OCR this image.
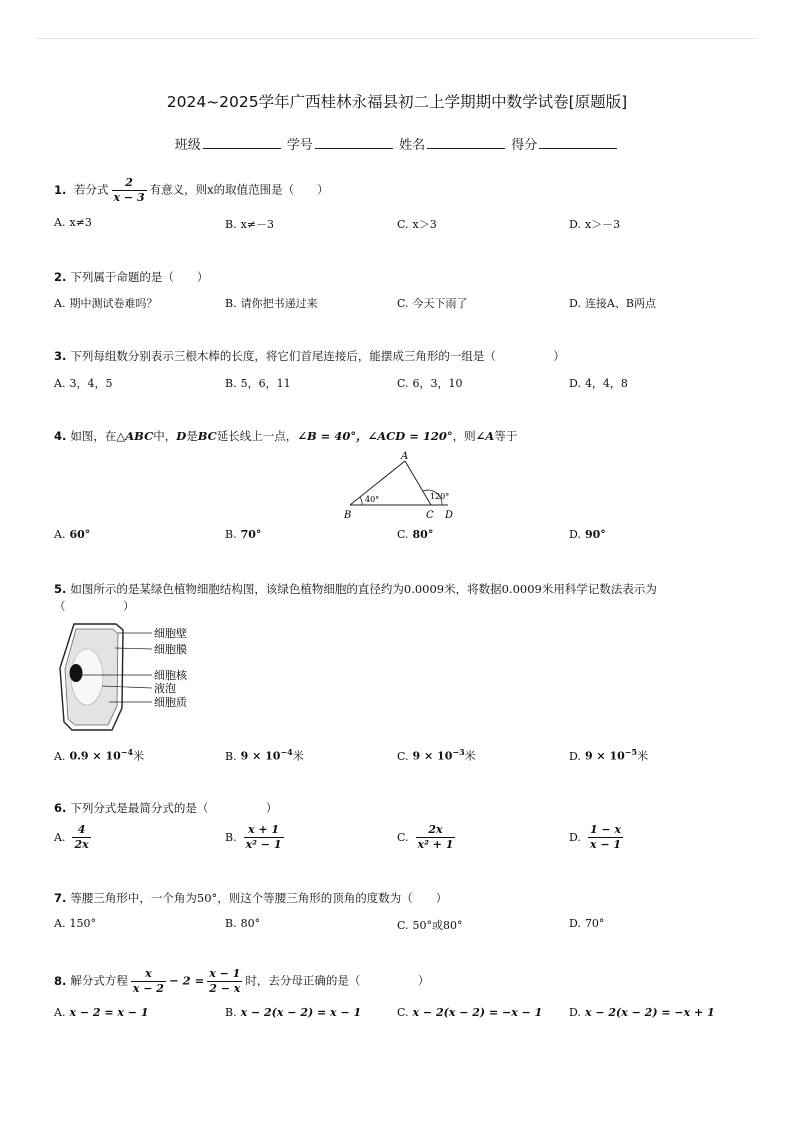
2024~2025学年广西桂林永福县初二上学期期中数学试卷[原题版]
班级	学号	姓名	得分
1. 若分式 $\frac{2}{x - 3}$ 有意义，则x的取值范围是（　　）
A. x≠3	B. x≠－3	C. x＞3	D. x＞－3
2. 下列属于命题的是（　　）
A. 期中测试卷难吗？	B. 请你把书递过来	C. 今天下雨了	D. 连接A、B两点
3. 下列每组数分别表示三根木棒的长度，将它们首尾连接后，能摆成三角形的一组是（　　　　　）
A. 3，4，5	B. 5，6，11	C. 6，3，10	D. 4，4，8
4. 如图，在△ABC中，D是BC延长线上一点，∠B = 40°，∠ACD = 120°，则∠A等于
A
B	C D
40°	120°
A. 60°	B. 70°	C. 80°	D. 90°
5. 如图所示的是某绿色植物细胞结构图，该绿色植物细胞的直径约为0.0009米，将数据0.0009米用科学记数法表示为
（　　　　　）
细胞壁
细胞膜
细胞核
液泡
细胞质
A. $0.9 \times 10^{-4}$米	B. $9 \times 10^{-4}$米	C. $9 \times 10^{-3}$米	D. $9 \times 10^{-5}$米
6. 下列分式是最简分式的是（　　　　　）
A. $\frac{4}{2x}$	B. $\frac{x + 1}{\text{x² − 1}}$	C. $\frac{2x}{\text{x² + 1}}$	D. $\frac{1 - x}{x - 1}$
7. 等腰三角形中，一个角为50°，则这个等腰三角形的顶角的度数为（　　）
A. 150°	B. 80°	C. 50°或80°	D. 70°
8. 解分式方程 $\frac{x}{x - 2} - 2 = \frac{x - 1}{2 - x}$ 时，去分母正确的是（　　　　　）
A. x − 2 = x − 1	B. x − 2(x − 2) = x − 1	C. x − 2(x − 2) = −x − 1 D. x − 2(x − 2) = −x + 1
